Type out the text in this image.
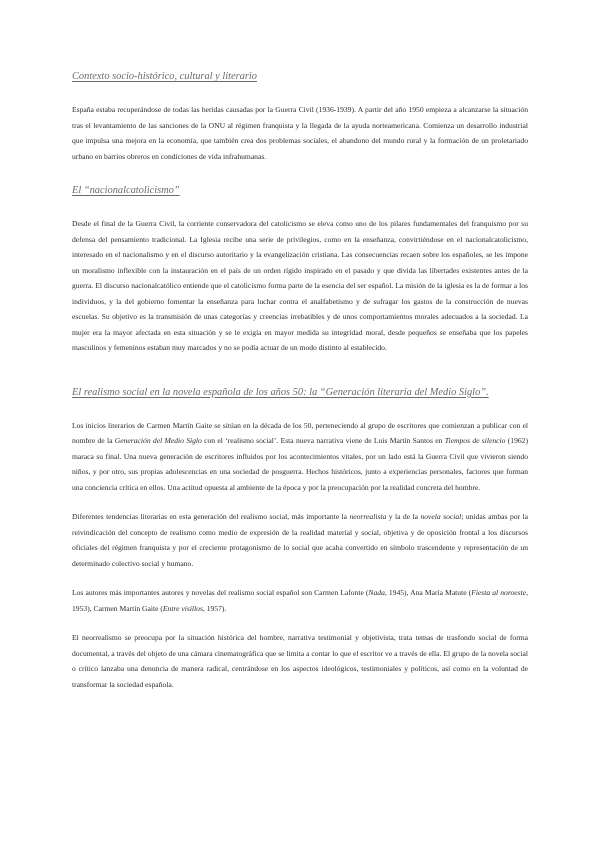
Contexto socio-histórico, cultural y literario

España estaba recuperándose de todas las heridas causadas por la Guerra Civil (1936-1939). A partir del año 1950 empieza a alcanzarse la situación tras el levantamiento de las sanciones de la ONU al régimen franquista y la llegada de la ayuda norteamericana. Comienza un desarrollo industrial que impulsa una mejora en la economía, que también crea dos problemas sociales, el abandono del mundo rural y la formación de un proletariado urbano en barrios obreros en condiciones de vida infrahumanas.

El “nacionalcatolicismo”

Desde el final de la Guerra Civil, la corriente conservadora del catolicismo se eleva como uno de los pilares fundamentales del franquismo por su defensa del pensamiento tradicional. La Iglesia recibe una serie de privilegios, como en la enseñanza, convirtiéndose en el nacionalcatolicismo, interesado en el nacionalismo y en el discurso autoritario y la evangelización cristiana. Las consecuencias recaen sobre los españoles, se les impone un moralismo inflexible con la instauración en el país de un orden rígido inspirado en el pasado y que divida las libertades existentes antes de la guerra. El discurso nacionalcatólico entiende que el catolicismo forma parte de la esencia del ser español. La misión de la iglesia es la de formar a los individuos, y la del gobierno fomentar la enseñanza para luchar contra el analfabetismo y de sufragar los gastos de la construcción de nuevas escuelas. Su objetivo es la transmisión de unas categorías y creencias irrebatibles y de unos comportamientos morales adecuados a la sociedad. La mujer era la mayor afectada en esta situación y se le exigía en mayor medida su integridad moral, desde pequeños se enseñaba que los papeles masculinos y femeninos estaban muy marcados y no se podía actuar de un modo distinto al establecido.

El realismo social en la novela española de los años 50: la “Generación literaria del Medio Siglo”.

Los inicios literarios de Carmen Martín Gaite se sitúan en la década de los 50, perteneciendo al grupo de escritores que comienzan a publicar con el nombre de la Generación del Medio Siglo con el ‘realismo social’. Esta nueva narrativa viene de Luis Martín Santos en Tiempos de silencio (1962) maraca su final. Una nueva generación de escritores influidos por los acontecimientos vitales, por un lado está la Guerra Civil que vivieron siendo niños, y por otro, sus propias adolescencias en una sociedad de posguerra. Hechos históricos, junto a experiencias personales, factores que forman una conciencia crítica en ellos. Una actitud opuesta al ambiente de la época y por la preocupación por la realidad concreta del hombre.

Diferentes tendencias literarias en esta generación del realismo social, más importante la neorrealista y la de la novela social; unidas ambas por la reivindicación del concepto de realismo como medio de expresión de la realidad material y social, objetiva y de oposición frontal a los discursos oficiales del régimen franquista y por el creciente protagonismo de lo social que acaba convertido en símbolo trascendente y representación de un determinado colectivo social y humano.

Los autores más importantes autores y novelas del realismo social español son Carmen Lafonte (Nada, 1945), Ana María Matute (Fiesta al noroeste, 1953), Carmen Martín Gaite (Entre visillos, 1957).

El neorrealismo se preocupa por la situación histórica del hombre, narrativa testimonial y objetivista, trata temas de trasfondo social de forma documental, a través del objeto de una cámara cinematográfica que se limita a contar lo que el escritor ve a través de ella. El grupo de la novela social o crítico lanzaba una denuncia de manera radical, centrándose en los aspectos ideológicos, testimoniales y políticos, así como en la voluntad de transformar la sociedad española.
